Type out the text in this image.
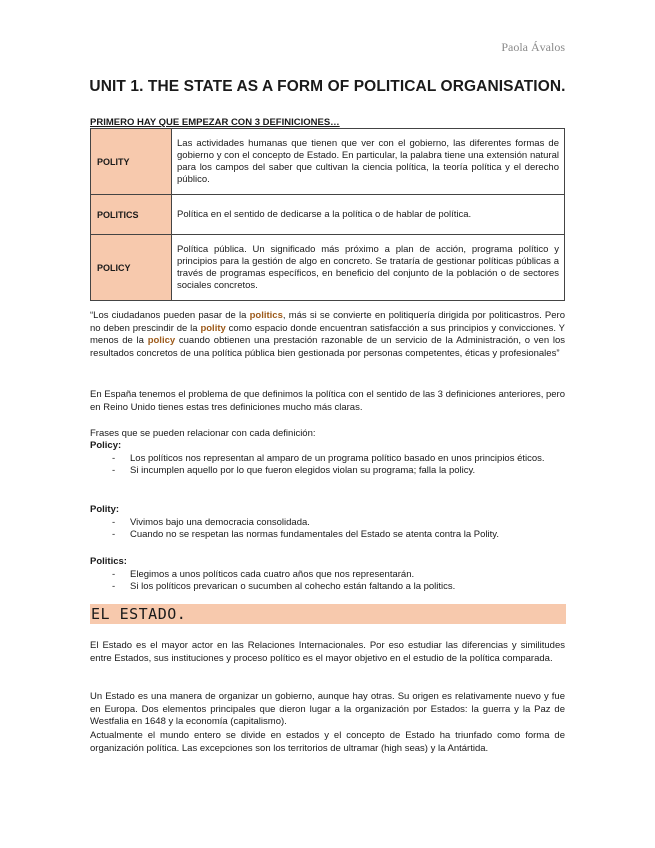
Paola Ávalos
UNIT 1. THE STATE AS A FORM OF POLITICAL ORGANISATION.
PRIMERO HAY QUE EMPEZAR CON 3 DEFINICIONES…
POLITY	Las actividades humanas que tienen que ver con el gobierno, las diferentes formas de gobierno y con el concepto de Estado. En particular, la palabra tiene una extensión natural para los campos del saber que cultivan la ciencia política, la teoría política y el derecho público.
POLITICS	Política en el sentido de dedicarse a la política o de hablar de política.
POLICY	Política pública. Un significado más próximo a plan de acción, programa político y principios para la gestión de algo en concreto. Se trataría de gestionar políticas públicas a través de programas específicos, en beneficio del conjunto de la población o de sectores sociales concretos.
“Los ciudadanos pueden pasar de la politics, más si se convierte en politiquería dirigida por politicastros. Pero no deben prescindir de la polity como espacio donde encuentran satisfacción a sus principios y convicciones. Y menos de la policy cuando obtienen una prestación razonable de un servicio de la Administración, o ven los resultados concretos de una política pública bien gestionada por personas competentes, éticas y profesionales”
En España tenemos el problema de que definimos la política con el sentido de las 3 definiciones anteriores, pero en Reino Unido tienes estas tres definiciones mucho más claras.
Frases que se pueden relacionar con cada definición:
Policy:
- Los políticos nos representan al amparo de un programa político basado en unos principios éticos.
- Si incumplen aquello por lo que fueron elegidos violan su programa; falla la policy.
Polity:
- Vivimos bajo una democracia consolidada.
- Cuando no se respetan las normas fundamentales del Estado se atenta contra la Polity.
Politics:
- Elegimos a unos políticos cada cuatro años que nos representarán.
- Si los políticos prevarican o sucumben al cohecho están faltando a la politics.
EL ESTADO.
El Estado es el mayor actor en las Relaciones Internacionales. Por eso estudiar las diferencias y similitudes entre Estados, sus instituciones y proceso político es el mayor objetivo en el estudio de la política comparada.
Un Estado es una manera de organizar un gobierno, aunque hay otras. Su origen es relativamente nuevo y fue en Europa. Dos elementos principales que dieron lugar a la organización por Estados: la guerra y la Paz de Westfalia en 1648 y la economía (capitalismo).
Actualmente el mundo entero se divide en estados y el concepto de Estado ha triunfado como forma de organización política. Las excepciones son los territorios de ultramar (high seas) y la Antártida.
